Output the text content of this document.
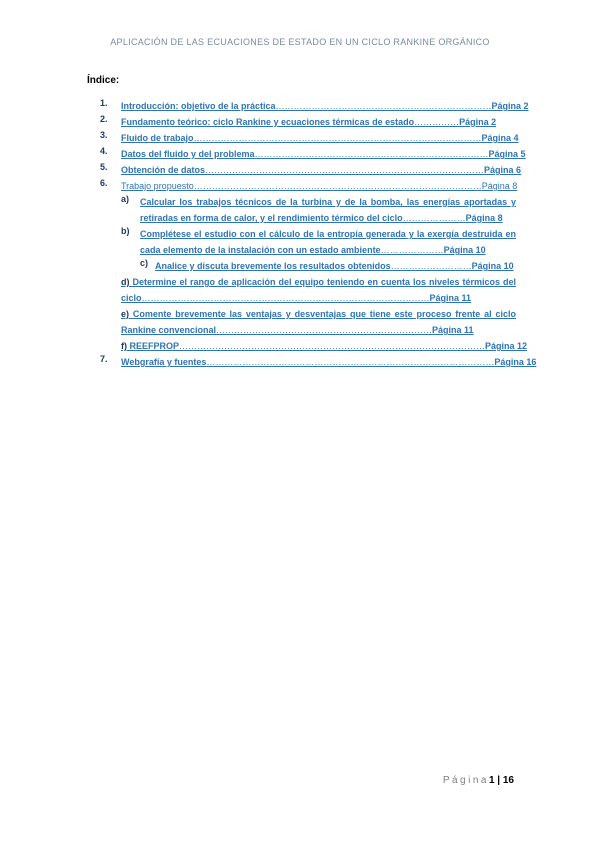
APLICACIÓN DE LAS ECUACIONES DE ESTADO EN UN CICLO RANKINE ORGÁNICO
Índice:
1. Introducción: objetivo de la práctica………………………………………………………………Página 2
2. Fundamento teórico: ciclo Rankine y ecuaciones térmicas de estado……………Página 2
3. Fluido de trabajo……………………………………………………………………………………Página 4
4. Datos del fluido y del problema……………………………………………………………………Página 5
5. Obtención de datos…………………………………………………………………………………Página 6
6. Trabajo propuesto……………………………………………………………………………………Página 8
a) Calcular los trabajos técnicos de la turbina y de la bomba, las energías aportadas y retiradas en forma de calor, y el rendimiento térmico del ciclo…………………Página 8
b) Complétese el estudio con el cálculo de la entropía generada y la exergía destruida en cada elemento de la instalación con un estado ambiente…………………Página 10
c) Analice y discuta brevemente los resultados obtenidos………………………Página 10
d) Determine el rango de aplicación del equipo teniendo en cuenta los niveles térmicos del ciclo……………………………………………………………………………………Página 11
e) Comente brevemente las ventajas y desventajas que tiene este proceso frente al ciclo Rankine convencional………………………………………………………………Página 11
f) REEFPROP…………………………………………………………………………………………Página 12
7. Webgrafía y fuentes……………………………………………………………………………………Página 16
Página1 | 16
